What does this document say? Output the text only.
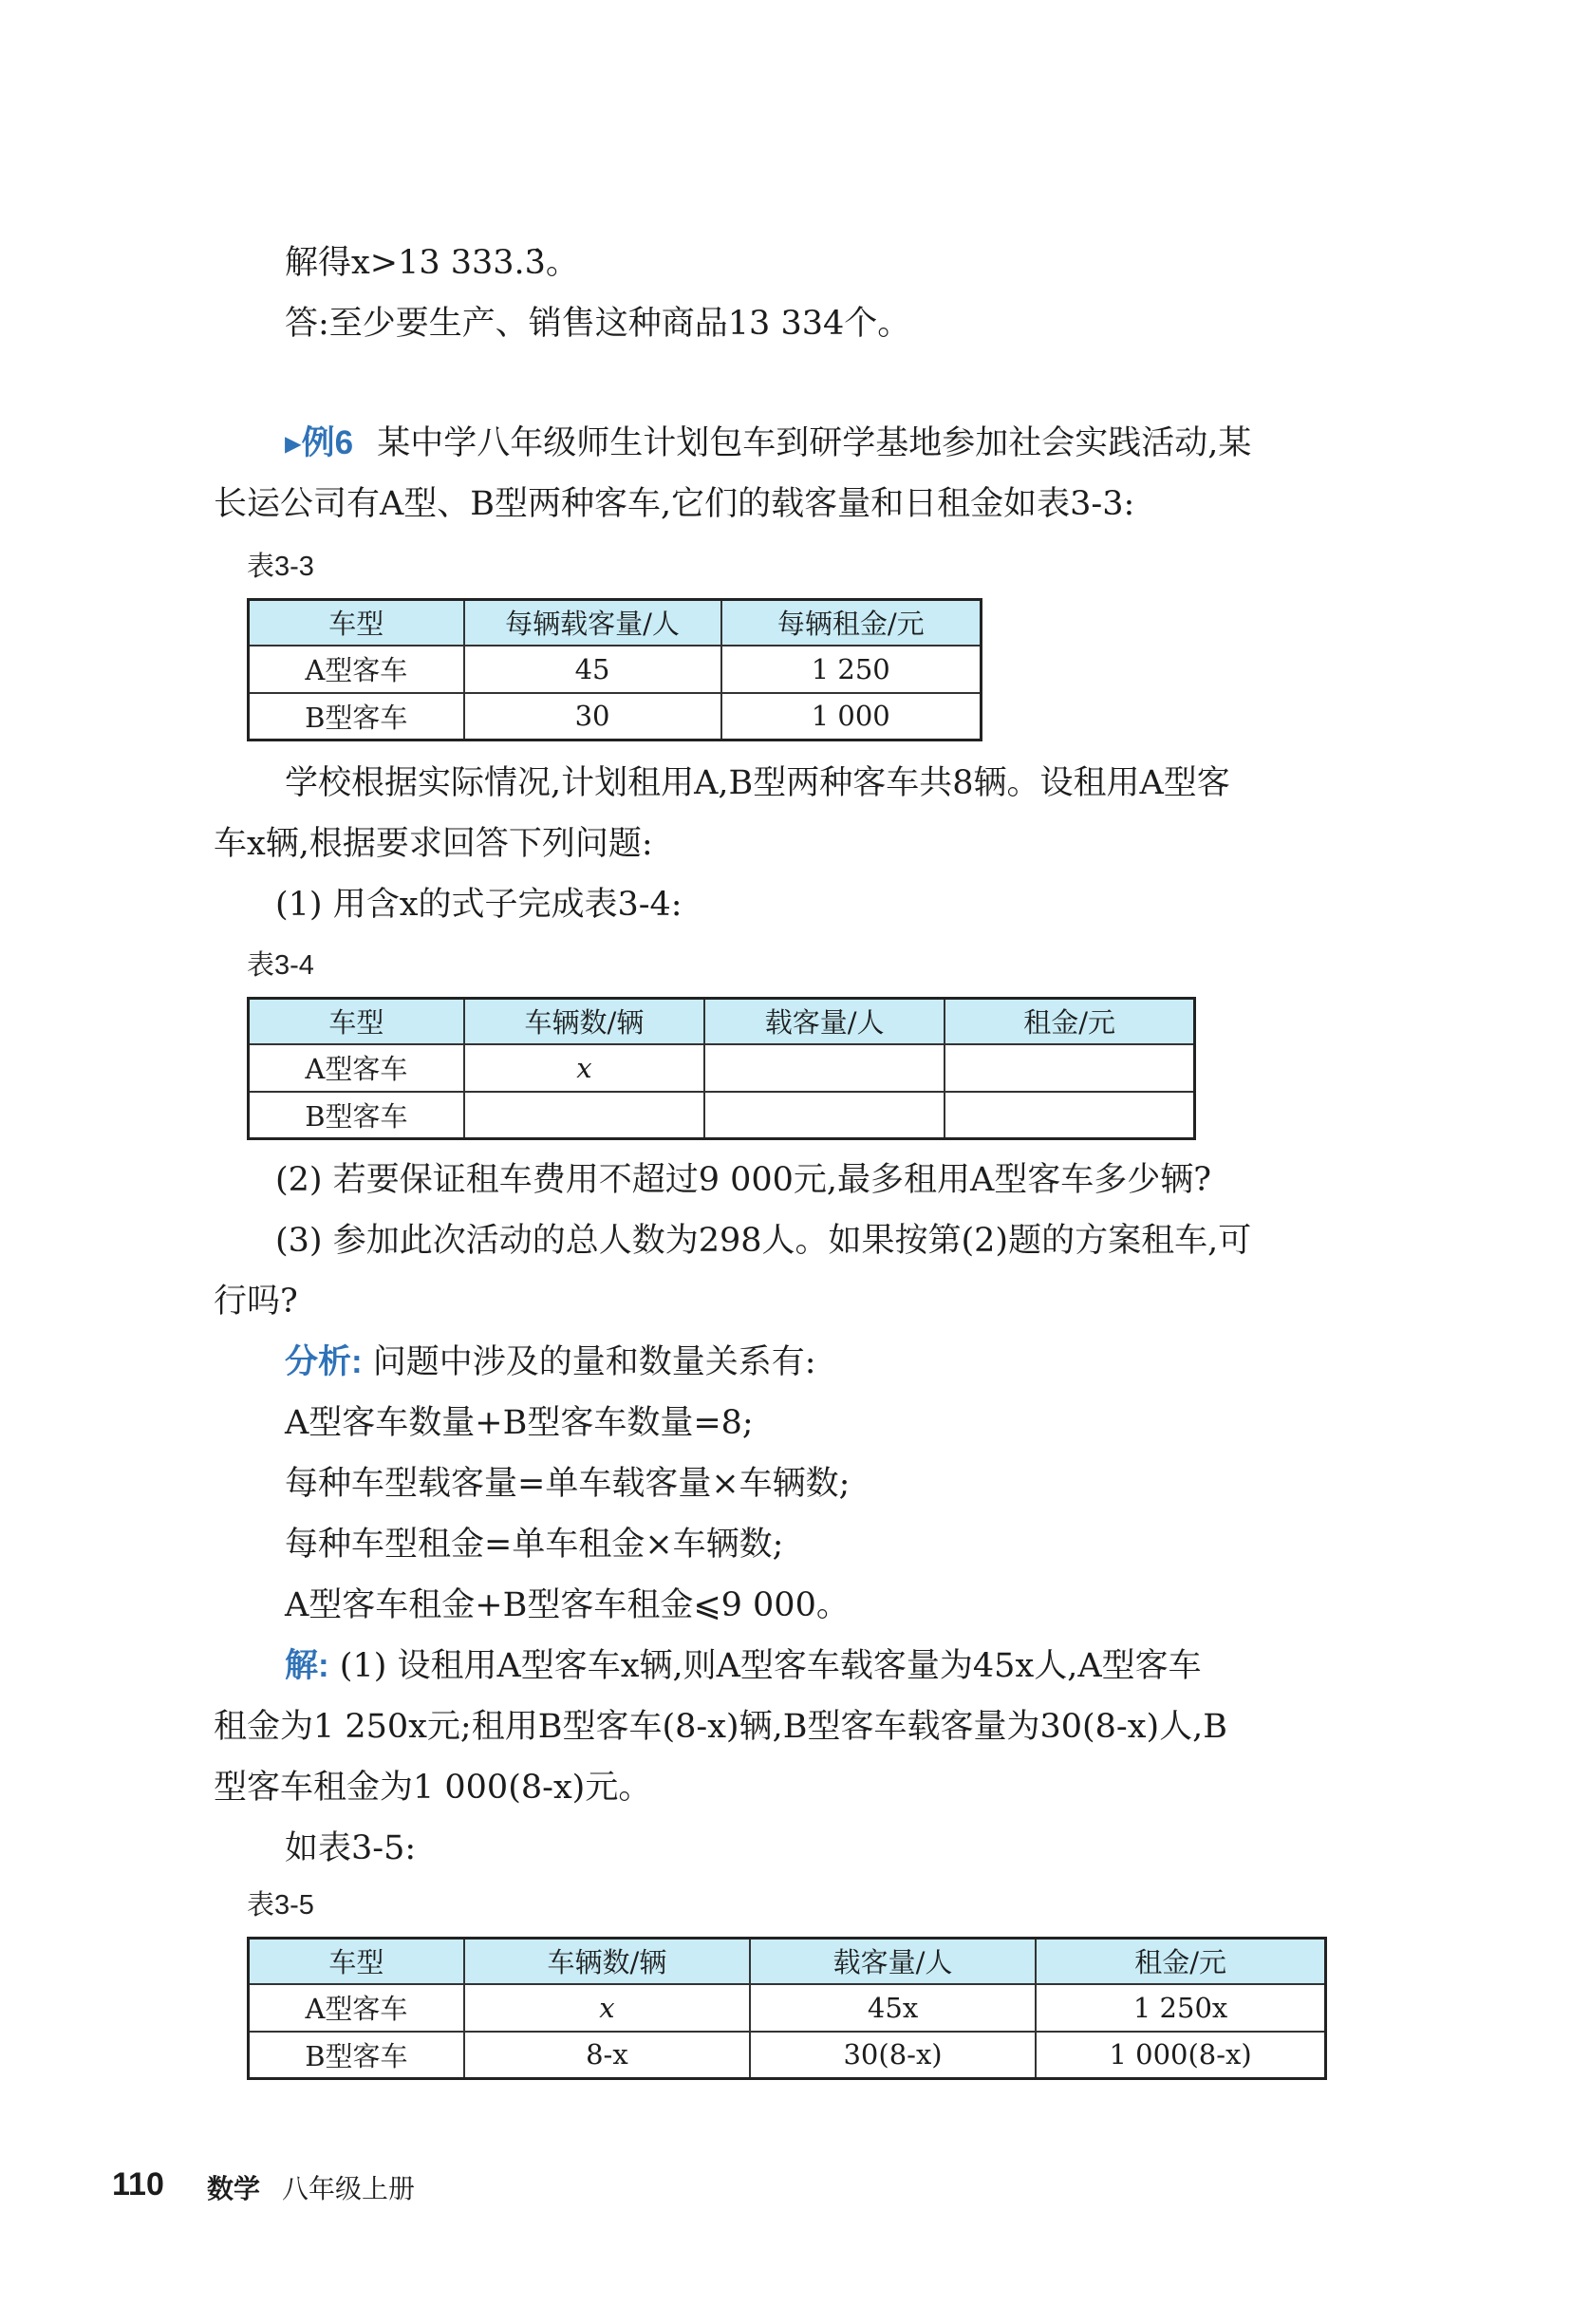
解得x>13 333.3̇。
答:至少要生产、销售这种商品13 334个。
▸例6 某中学八年级师生计划包车到研学基地参加社会实践活动,某
长运公司有A型、B型两种客车,它们的载客量和日租金如表3-3:
表3-3
车型	每辆载客量/人	每辆租金/元
A型客车	45	1 250
B型客车	30	1 000
学校根据实际情况,计划租用A,B型两种客车共8辆。设租用A型客
车x辆,根据要求回答下列问题:
(1) 用含x的式子完成表3-4:
表3-4
车型	车辆数/辆	载客量/人	租金/元
A型客车	x		
B型客车			
(2) 若要保证租车费用不超过9 000元,最多租用A型客车多少辆?
(3) 参加此次活动的总人数为298人。如果按第(2)题的方案租车,可
行吗?
分析: 问题中涉及的量和数量关系有:
A型客车数量+B型客车数量=8;
每种车型载客量=单车载客量×车辆数;
每种车型租金=单车租金×车辆数;
A型客车租金+B型客车租金⩽9 000。
解: (1) 设租用A型客车x辆,则A型客车载客量为45x人,A型客车
租金为1 250x元;租用B型客车(8-x)辆,B型客车载客量为30(8-x)人,B
型客车租金为1 000(8-x)元。
如表3-5:
表3-5
车型	车辆数/辆	载客量/人	租金/元
A型客车	x	45x	1 250x
B型客车	8-x	30(8-x)	1 000(8-x)
110 数学 八年级上册
